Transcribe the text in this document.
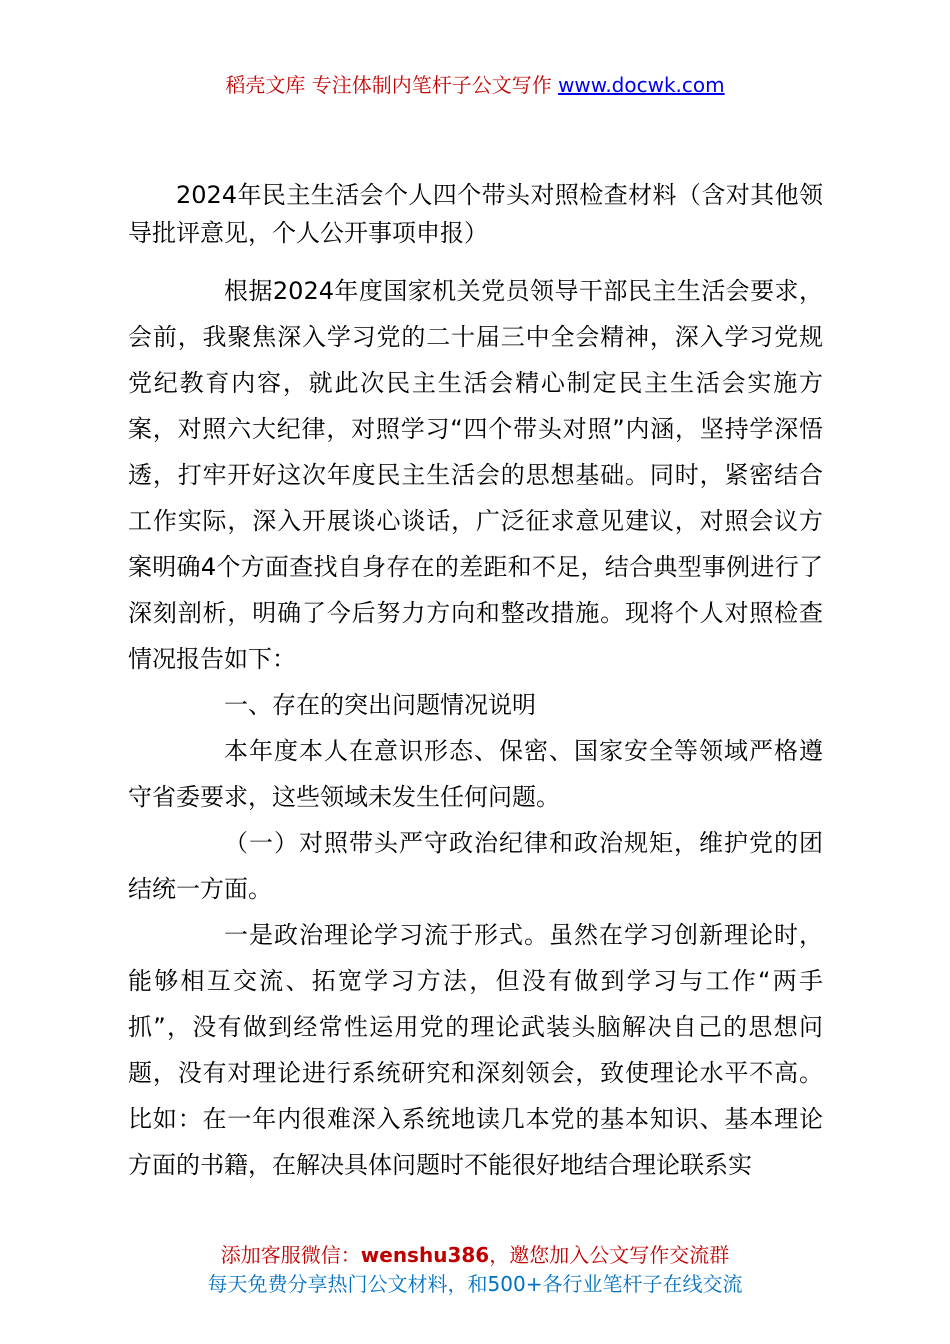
稻壳文库 专注体制内笔杆子公文写作 www.docwk.com

2024年民主生活会个人四个带头对照检查材料（含对其他领导批评意见，个人公开事项申报）

根据2024年度国家机关党员领导干部民主生活会要求，会前，我聚焦深入学习党的二十届三中全会精神，深入学习党规党纪教育内容，就此次民主生活会精心制定民主生活会实施方案，对照六大纪律，对照学习“四个带头对照”内涵，坚持学深悟透，打牢开好这次年度民主生活会的思想基础。同时，紧密结合工作实际，深入开展谈心谈话，广泛征求意见建议，对照会议方案明确4个方面查找自身存在的差距和不足，结合典型事例进行了深刻剖析，明确了今后努力方向和整改措施。现将个人对照检查情况报告如下：

一、存在的突出问题情况说明

本年度本人在意识形态、保密、国家安全等领域严格遵守省委要求，这些领域未发生任何问题。

（一）对照带头严守政治纪律和政治规矩，维护党的团结统一方面。

一是政治理论学习流于形式。虽然在学习创新理论时，能够相互交流、拓宽学习方法，但没有做到学习与工作“两手抓”，没有做到经常性运用党的理论武装头脑解决自己的思想问题，没有对理论进行系统研究和深刻领会，致使理论水平不高。比如：在一年内很难深入系统地读几本党的基本知识、基本理论方面的书籍，在解决具体问题时不能很好地结合理论联系实

添加客服微信：wenshu386，邀您加入公文写作交流群
每天免费分享热门公文材料，和500+各行业笔杆子在线交流
